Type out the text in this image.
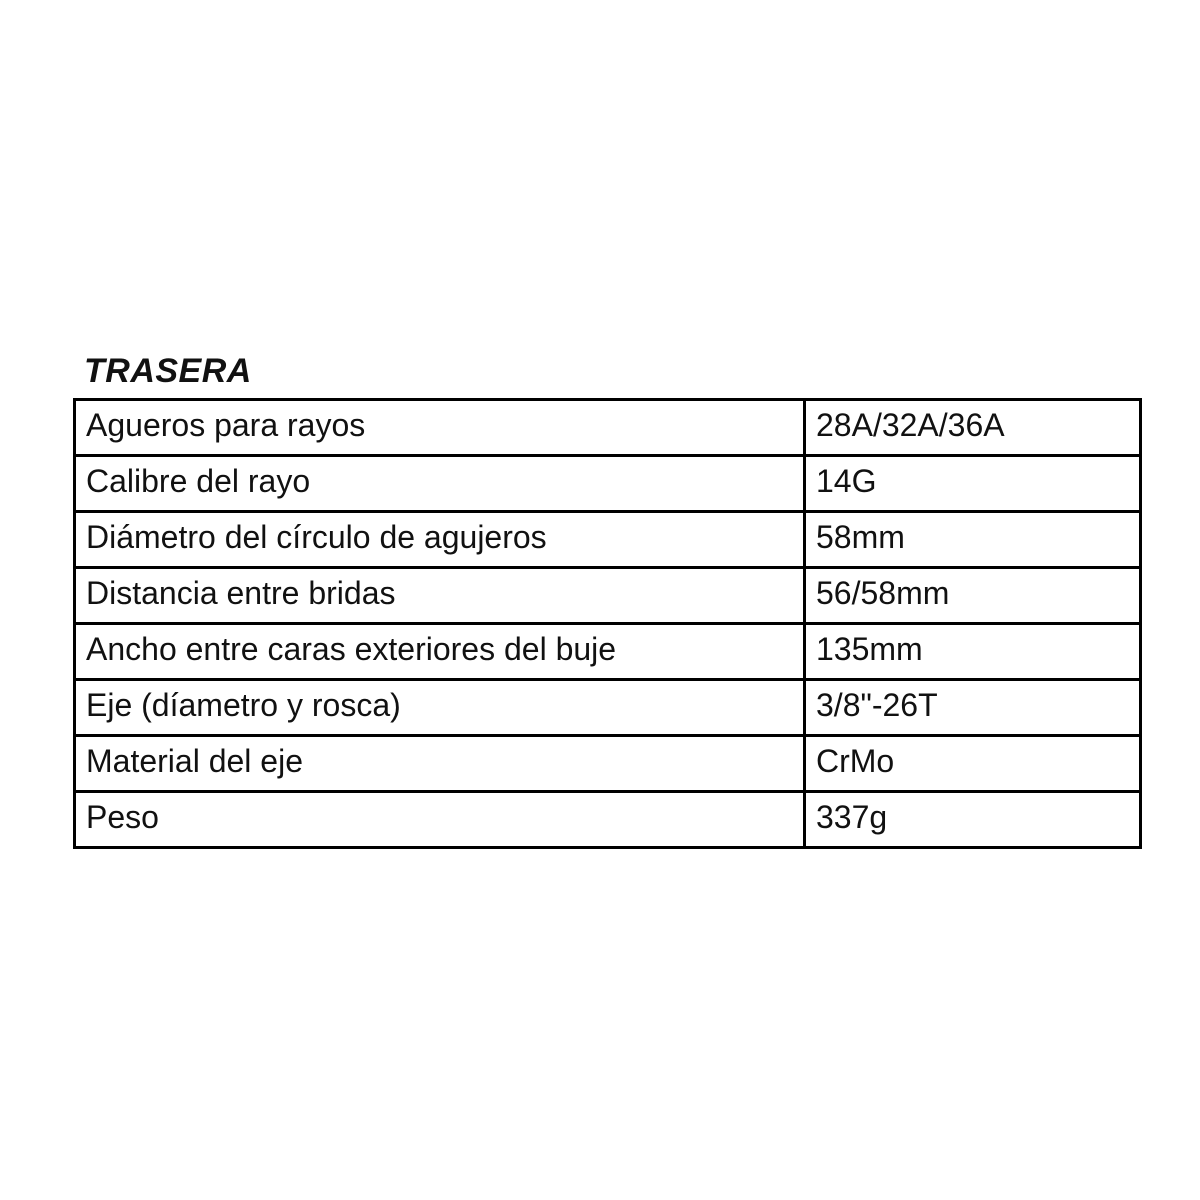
TRASERA
Agueros para rayos	28A/32A/36A
Calibre del rayo	14G
Diámetro del círculo de agujeros	58mm
Distancia entre bridas	56/58mm
Ancho entre caras exteriores del buje	135mm
Eje (díametro y rosca)	3/8"-26T
Material del eje	CrMo
Peso	337g
